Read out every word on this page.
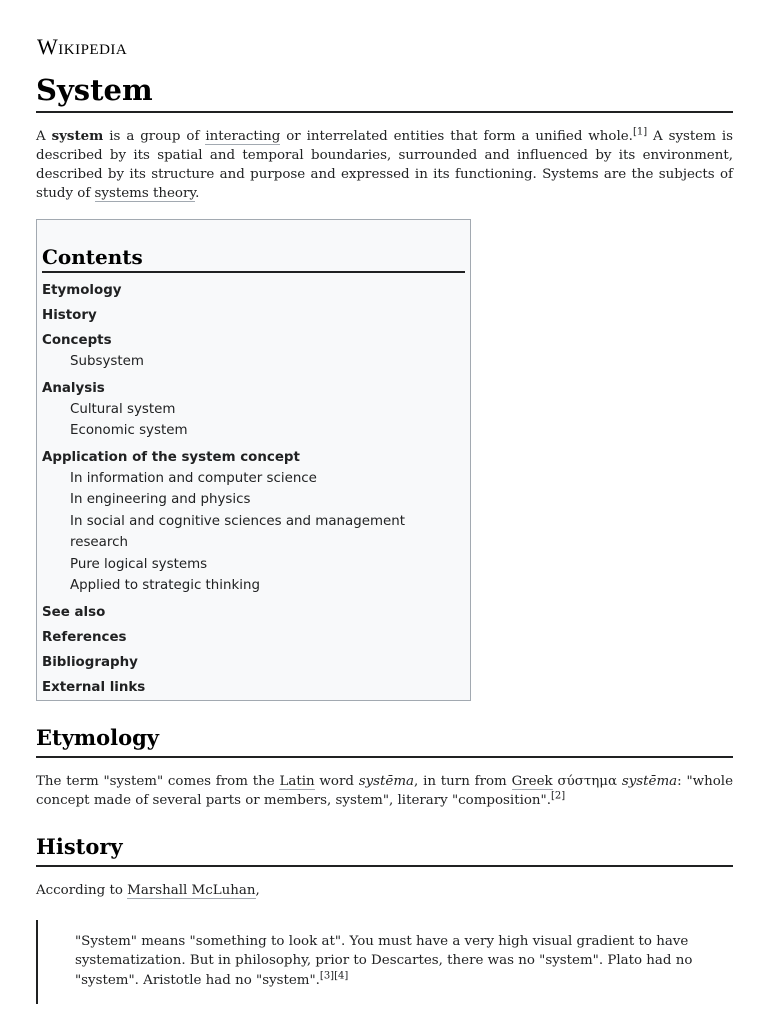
Wikipedia
System

A system is a group of interacting or interrelated entities that form a unified whole.[1] A system is described by its spatial and temporal boundaries, surrounded and influenced by its environment, described by its structure and purpose and expressed in its functioning. Systems are the subjects of study of systems theory.

Contents
Etymology
History
Concepts
Subsystem
Analysis
Cultural system
Economic system
Application of the system concept
In information and computer science
In engineering and physics
In social and cognitive sciences and management research
Pure logical systems
Applied to strategic thinking
See also
References
Bibliography
External links
Etymology

The term "system" comes from the Latin word systēma, in turn from Greek σύστημα systēma: "whole concept made of several parts or members, system", literary "composition".[2]

History

According to Marshall McLuhan,

"System" means "something to look at". You must have a very high visual gradient to have systematization. But in philosophy, prior to Descartes, there was no "system". Plato had no "system". Aristotle had no "system".[3][4]
